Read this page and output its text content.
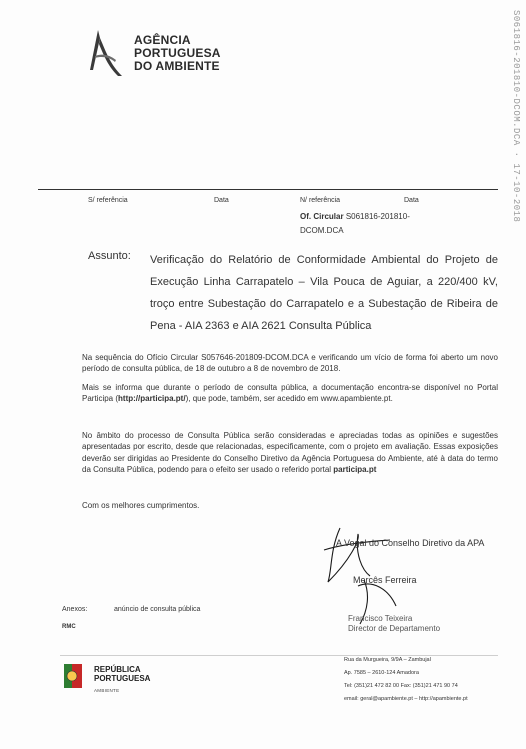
AGÊNCIA
PORTUGUESA
DO AMBIENTE	S061816-201810-DCOM.DCA · 17-10-2018
S/ referência	Data	N/ referência	Data
Of. Circular S061816-201810-DCOM.DCA
Assunto: Verificação do Relatório de Conformidade Ambiental do Projeto de Execução Linha Carrapatelo – Vila Pouca de Aguiar, a 220/400 kV, troço entre Subestação do Carrapatelo e a Subestação de Ribeira de Pena - AIA 2363 e AIA 2621 Consulta Pública
Na sequência do Ofício Circular S057646-201809-DCOM.DCA e verificando um vício de forma foi aberto um novo período de consulta pública, de 18 de outubro a 8 de novembro de 2018.
Mais se informa que durante o período de consulta pública, a documentação encontra-se disponível no Portal Participa (http://participa.pt/), que pode, também, ser acedido em www.apambiente.pt.
No âmbito do processo de Consulta Pública serão consideradas e apreciadas todas as opiniões e sugestões apresentadas por escrito, desde que relacionadas, especificamente, com o projeto em avaliação. Essas exposições deverão ser dirigidas ao Presidente do Conselho Diretivo da Agência Portuguesa do Ambiente, até à data do termo da Consulta Pública, podendo para o efeito ser usado o referido portal participa.pt
Com os melhores cumprimentos.
A Vogal do Conselho Diretivo da APA
Mercês Ferreira
Francisco Teixeira
Director de Departamento
Anexos:	anúncio de consulta pública
RMC
REPÚBLICA
PORTUGUESA
AMBIENTE
Rua da Murgueira, 9/9A – Zambujal
Ap. 7585 – 2610-124 Amadora
Tel: (351)21 472 82 00 Fax: (351)21 471 90 74
email: geral@apambiente.pt – http://apambiente.pt
